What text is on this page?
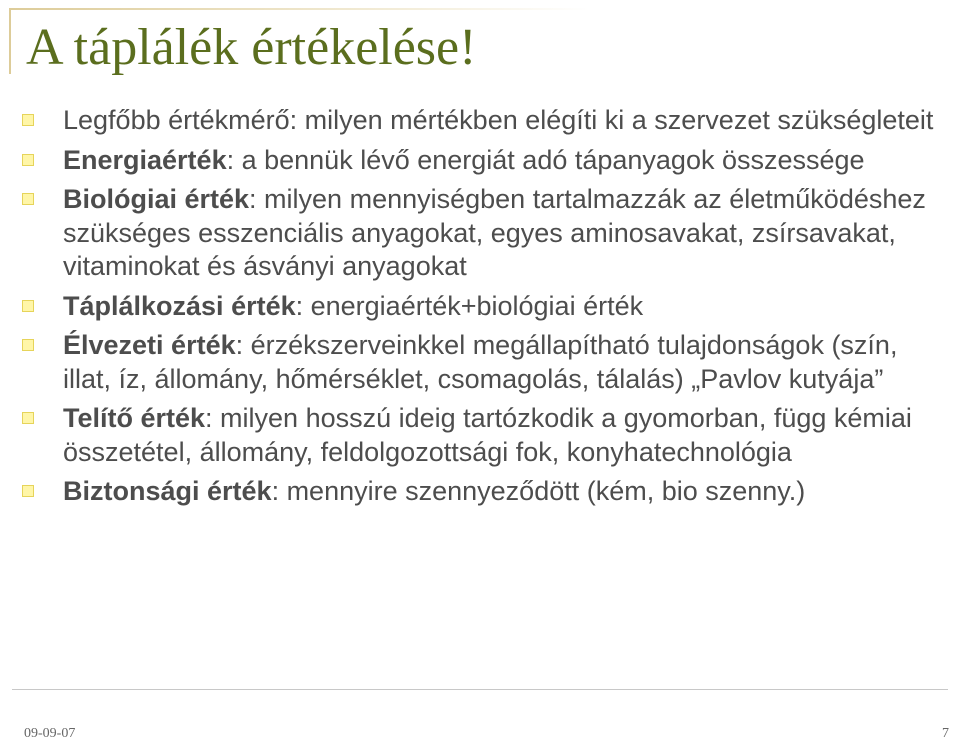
A táplálék értékelése!
Legfőbb értékmérő: milyen mértékben elégíti ki a szervezet szükségleteit
Energiaérték: a bennük lévő energiát adó tápanyagok összessége
Biológiai érték: milyen mennyiségben tartalmazzák az életműködéshez szükséges esszenciális anyagokat, egyes aminosavakat, zsírsavakat, vitaminokat és ásványi anyagokat
Táplálkozási érték: energiaérték+biológiai érték
Élvezeti érték: érzékszerveinkkel megállapítható tulajdonságok (szín, illat, íz, állomány, hőmérséklet, csomagolás, tálalás) „Pavlov kutyája”
Telítő érték: milyen hosszú ideig tartózkodik a gyomorban, függ kémiai összetétel, állomány, feldolgozottsági fok, konyhatechnológia
Biztonsági érték: mennyire szennyeződött (kém, bio szenny.)
09-09-07	7
